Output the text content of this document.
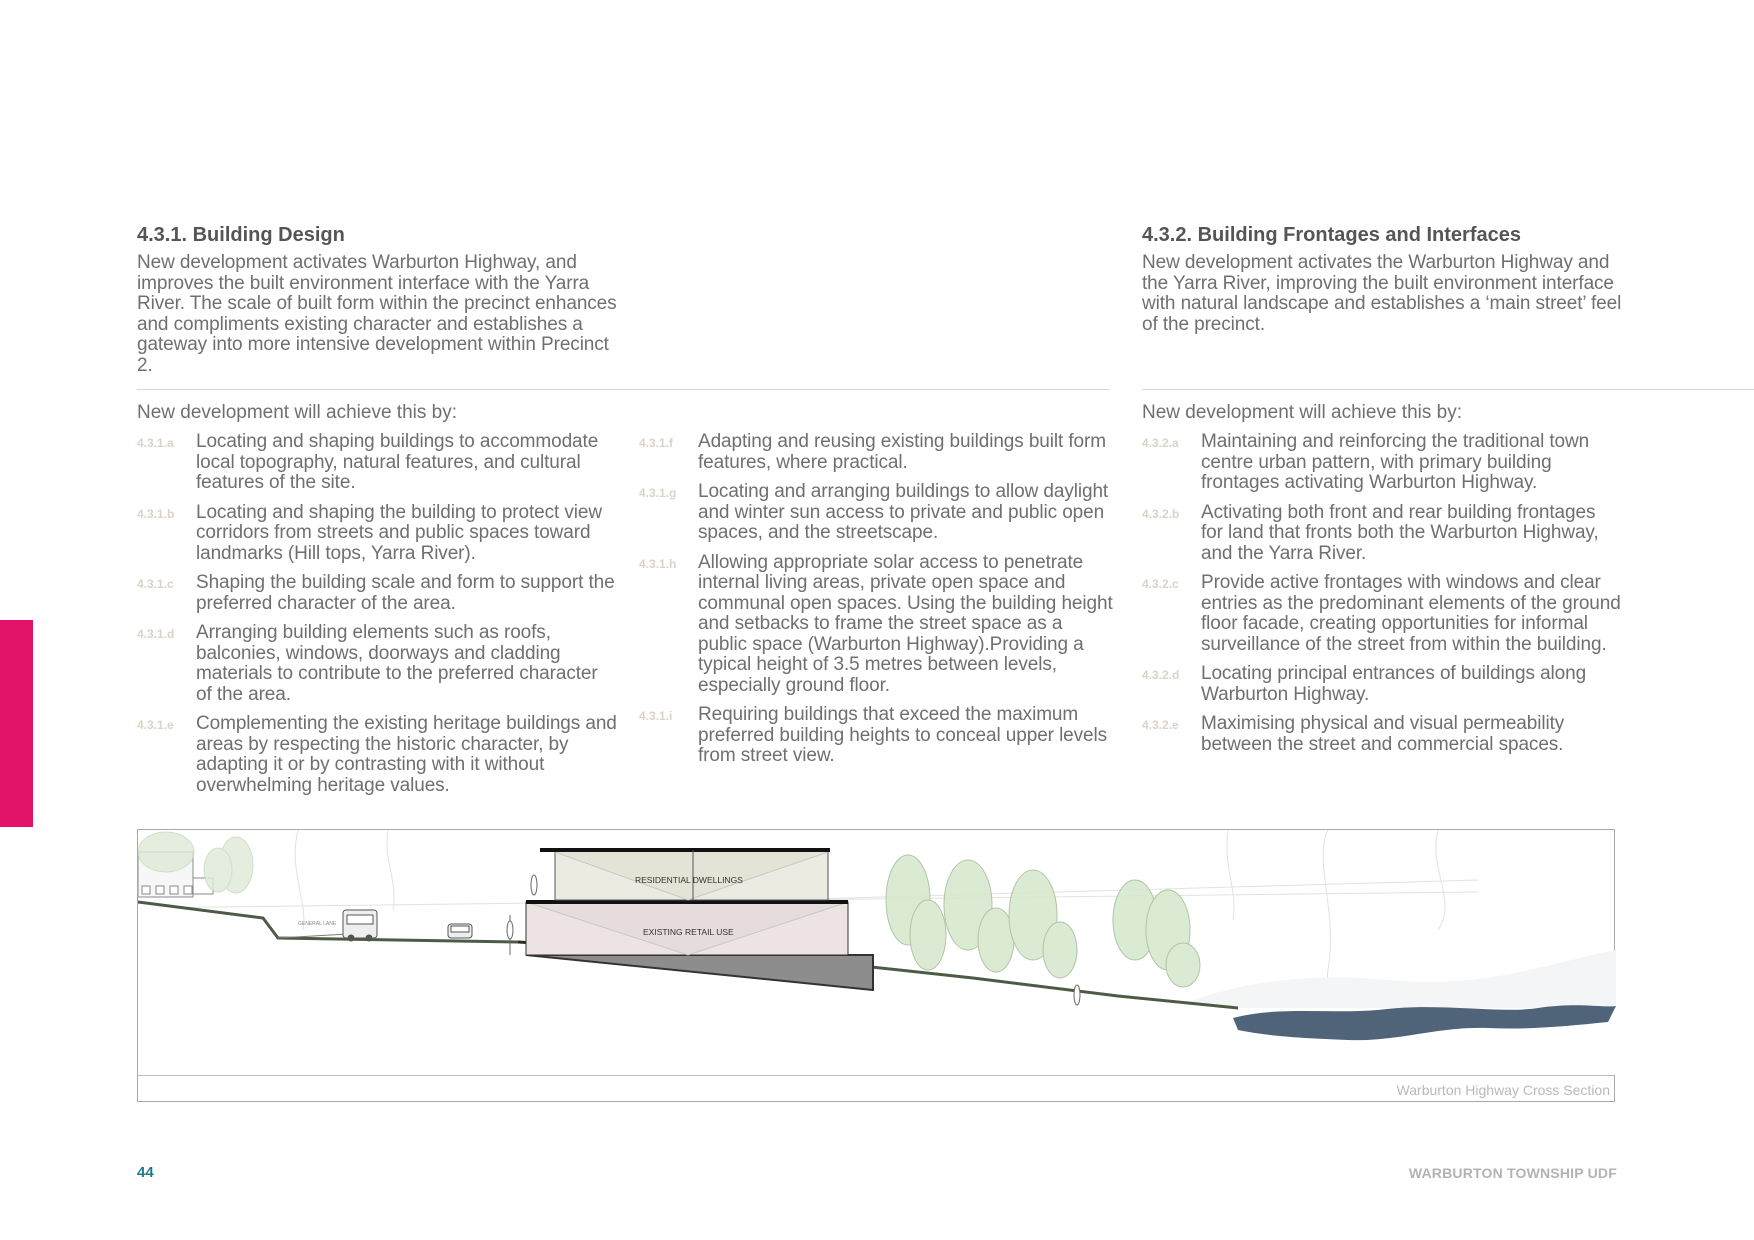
4.3.1. Building Design
New development activates Warburton Highway, and improves the built environment interface with the Yarra River. The scale of built form within the precinct enhances and compliments existing character and establishes a gateway into more intensive development within Precinct 2.
4.3.2. Building Frontages and Interfaces
New development activates the Warburton Highway and the Yarra River, improving the built environment interface with natural landscape and establishes a ‘main street’ feel of the precinct.
New development will achieve this by:	New development will achieve this by:
4.3.1.a	Locating and shaping buildings to accommodate local topography, natural features, and cultural features of the site.
4.3.1.b	Locating and shaping the building to protect view corridors from streets and public spaces toward landmarks (Hill tops, Yarra River).
4.3.1.c	Shaping the building scale and form to support the preferred character of the area.
4.3.1.d	Arranging building elements such as roofs, balconies, windows, doorways and cladding materials to contribute to the preferred character of the area.
4.3.1.e	Complementing the existing heritage buildings and areas by respecting the historic character, by adapting it or by contrasting with it without overwhelming heritage values.
4.3.1.f	Adapting and reusing existing buildings built form features, where practical.
4.3.1.g	Locating and arranging buildings to allow daylight and winter sun access to private and public open spaces, and the streetscape.
4.3.1.h	Allowing appropriate solar access to penetrate internal living areas, private open space and communal open spaces. Using the building height and setbacks to frame the street space as a public space (Warburton Highway).Providing a typical height of 3.5 metres between levels, especially ground floor.
4.3.1.i	Requiring buildings that exceed the maximum preferred building heights to conceal upper levels from street view.
4.3.2.a	Maintaining and reinforcing the traditional town centre urban pattern, with primary building frontages activating Warburton Highway.
4.3.2.b	Activating both front and rear building frontages for land that fronts both the Warburton Highway, and the Yarra River.
4.3.2.c	Provide active frontages with windows and clear entries as the predominant elements of the ground floor facade, creating opportunities for informal surveillance of the street from within the building.
4.3.2.d	Locating principal entrances of buildings along Warburton Highway.
4.3.2.e	Maximising physical and visual permeability between the street and commercial spaces.
GENERAL LANE
RESIDENTIAL DWELLINGS
EXISTING RETAIL USE
Warburton Highway Cross Section
44	WARBURTON TOWNSHIP UDF
